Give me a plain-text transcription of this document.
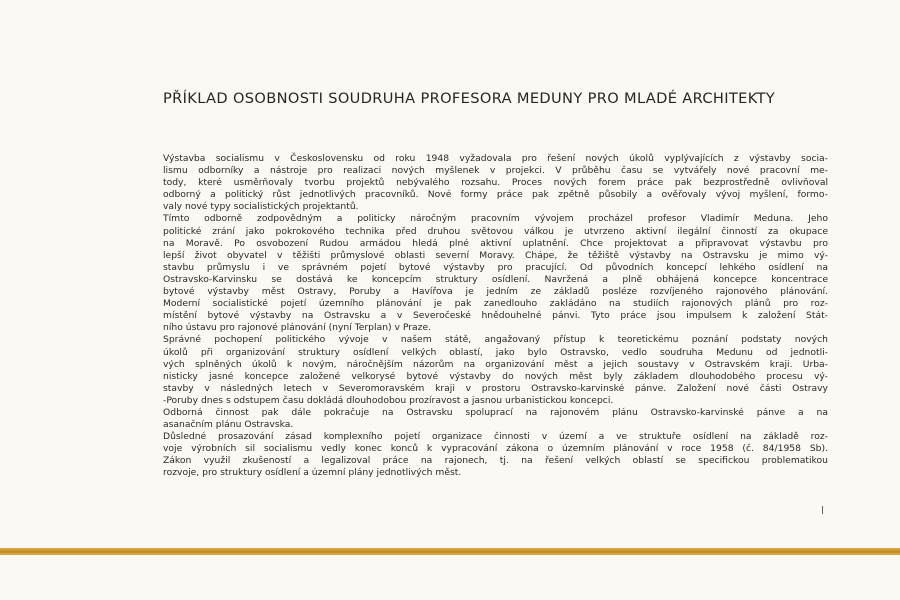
PŘÍKLAD OSOBNOSTI SOUDRUHA PROFESORA MEDUNY PRO MLADÉ ARCHITEKTY
Výstavba socialismu v Československu od roku 1948 vyžadovala pro řešení nových úkolů vyplývajících z výstavby socia-
lismu odborníky a nástroje pro realizaci nových myšlenek v projekci. V průběhu času se vytvářely nové pracovní me-
tody, které usměrňovaly tvorbu projektů nebývalého rozsahu. Proces nových forem práce pak bezprostředně ovlivňoval
odborný a politický růst jednotlivých pracovníků. Nové formy práce pak zpětně působily a ověřovaly vývoj myšlení, formo-
valy nové typy socialistických projektantů.
Tímto odborně zodpovědným a politicky náročným pracovním vývojem procházel profesor Vladimír Meduna. Jeho
politické zrání jako pokrokového technika před druhou světovou válkou je utvrzeno aktivní ilegální činností za okupace
na Moravě. Po osvobození Rudou armádou hledá plné aktivní uplatnění. Chce projektovat a připravovat výstavbu pro
lepší život obyvatel v těžišti průmyslové oblasti severní Moravy. Chápe, že těžiště výstavby na Ostravsku je mimo vý-
stavbu průmyslu i ve správném pojetí bytové výstavby pro pracující. Od původních koncepcí lehkého osídlení na
Ostravsko-Karvinsku se dostává ke koncepcím struktury osídlení. Navržená a plně obhájená koncepce koncentrace
bytové výstavby měst Ostravy, Poruby a Havířova je jedním ze základů posléze rozvíjeného rajonového plánování.
Moderní socialistické pojetí územního plánování je pak zanedlouho zakládáno na studiích rajonových plánů pro roz-
místění bytové výstavby na Ostravsku a v Severočeské hnědouhelné pánvi. Tyto práce jsou impulsem k založení Stát-
ního ústavu pro rajonové plánování (nyní Terplan) v Praze.
Správné pochopení politického vývoje v našem státě, angažovaný přístup k teoretickému poznání podstaty nových
úkolů při organizování struktury osídlení velkých oblastí, jako bylo Ostravsko, vedlo soudruha Medunu od jednotli-
vých splněných úkolů k novým, náročnějším názorům na organizování měst a jejich soustavy v Ostravském kraji. Urba-
nisticky jasné koncepce založené velkorysé bytové výstavby do nových měst byly základem dlouhodobého procesu vý-
stavby v následných letech v Severomoravském kraji v prostoru Ostravsko-karvinské pánve. Založení nové části Ostravy
-Poruby dnes s odstupem času dokládá dlouhodobou prozíravost a jasnou urbanistickou koncepci.
Odborná činnost pak dále pokračuje na Ostravsku spoluprací na rajonovém plánu Ostravsko-karvinské pánve a na
asanačním plánu Ostravska.
Důsledné prosazování zásad komplexního pojetí organizace činnosti v území a ve struktuře osídlení na základě roz-
voje výrobních sil socialismu vedly konec konců k vypracování zákona o územním plánování v roce 1958 (č. 84/1958 Sb).
Zákon využil zkušeností a legalizoval práce na rajonech, tj. na řešení velkých oblastí se specifickou problematikou
rozvoje, pro struktury osídlení a územní plány jednotlivých měst.
